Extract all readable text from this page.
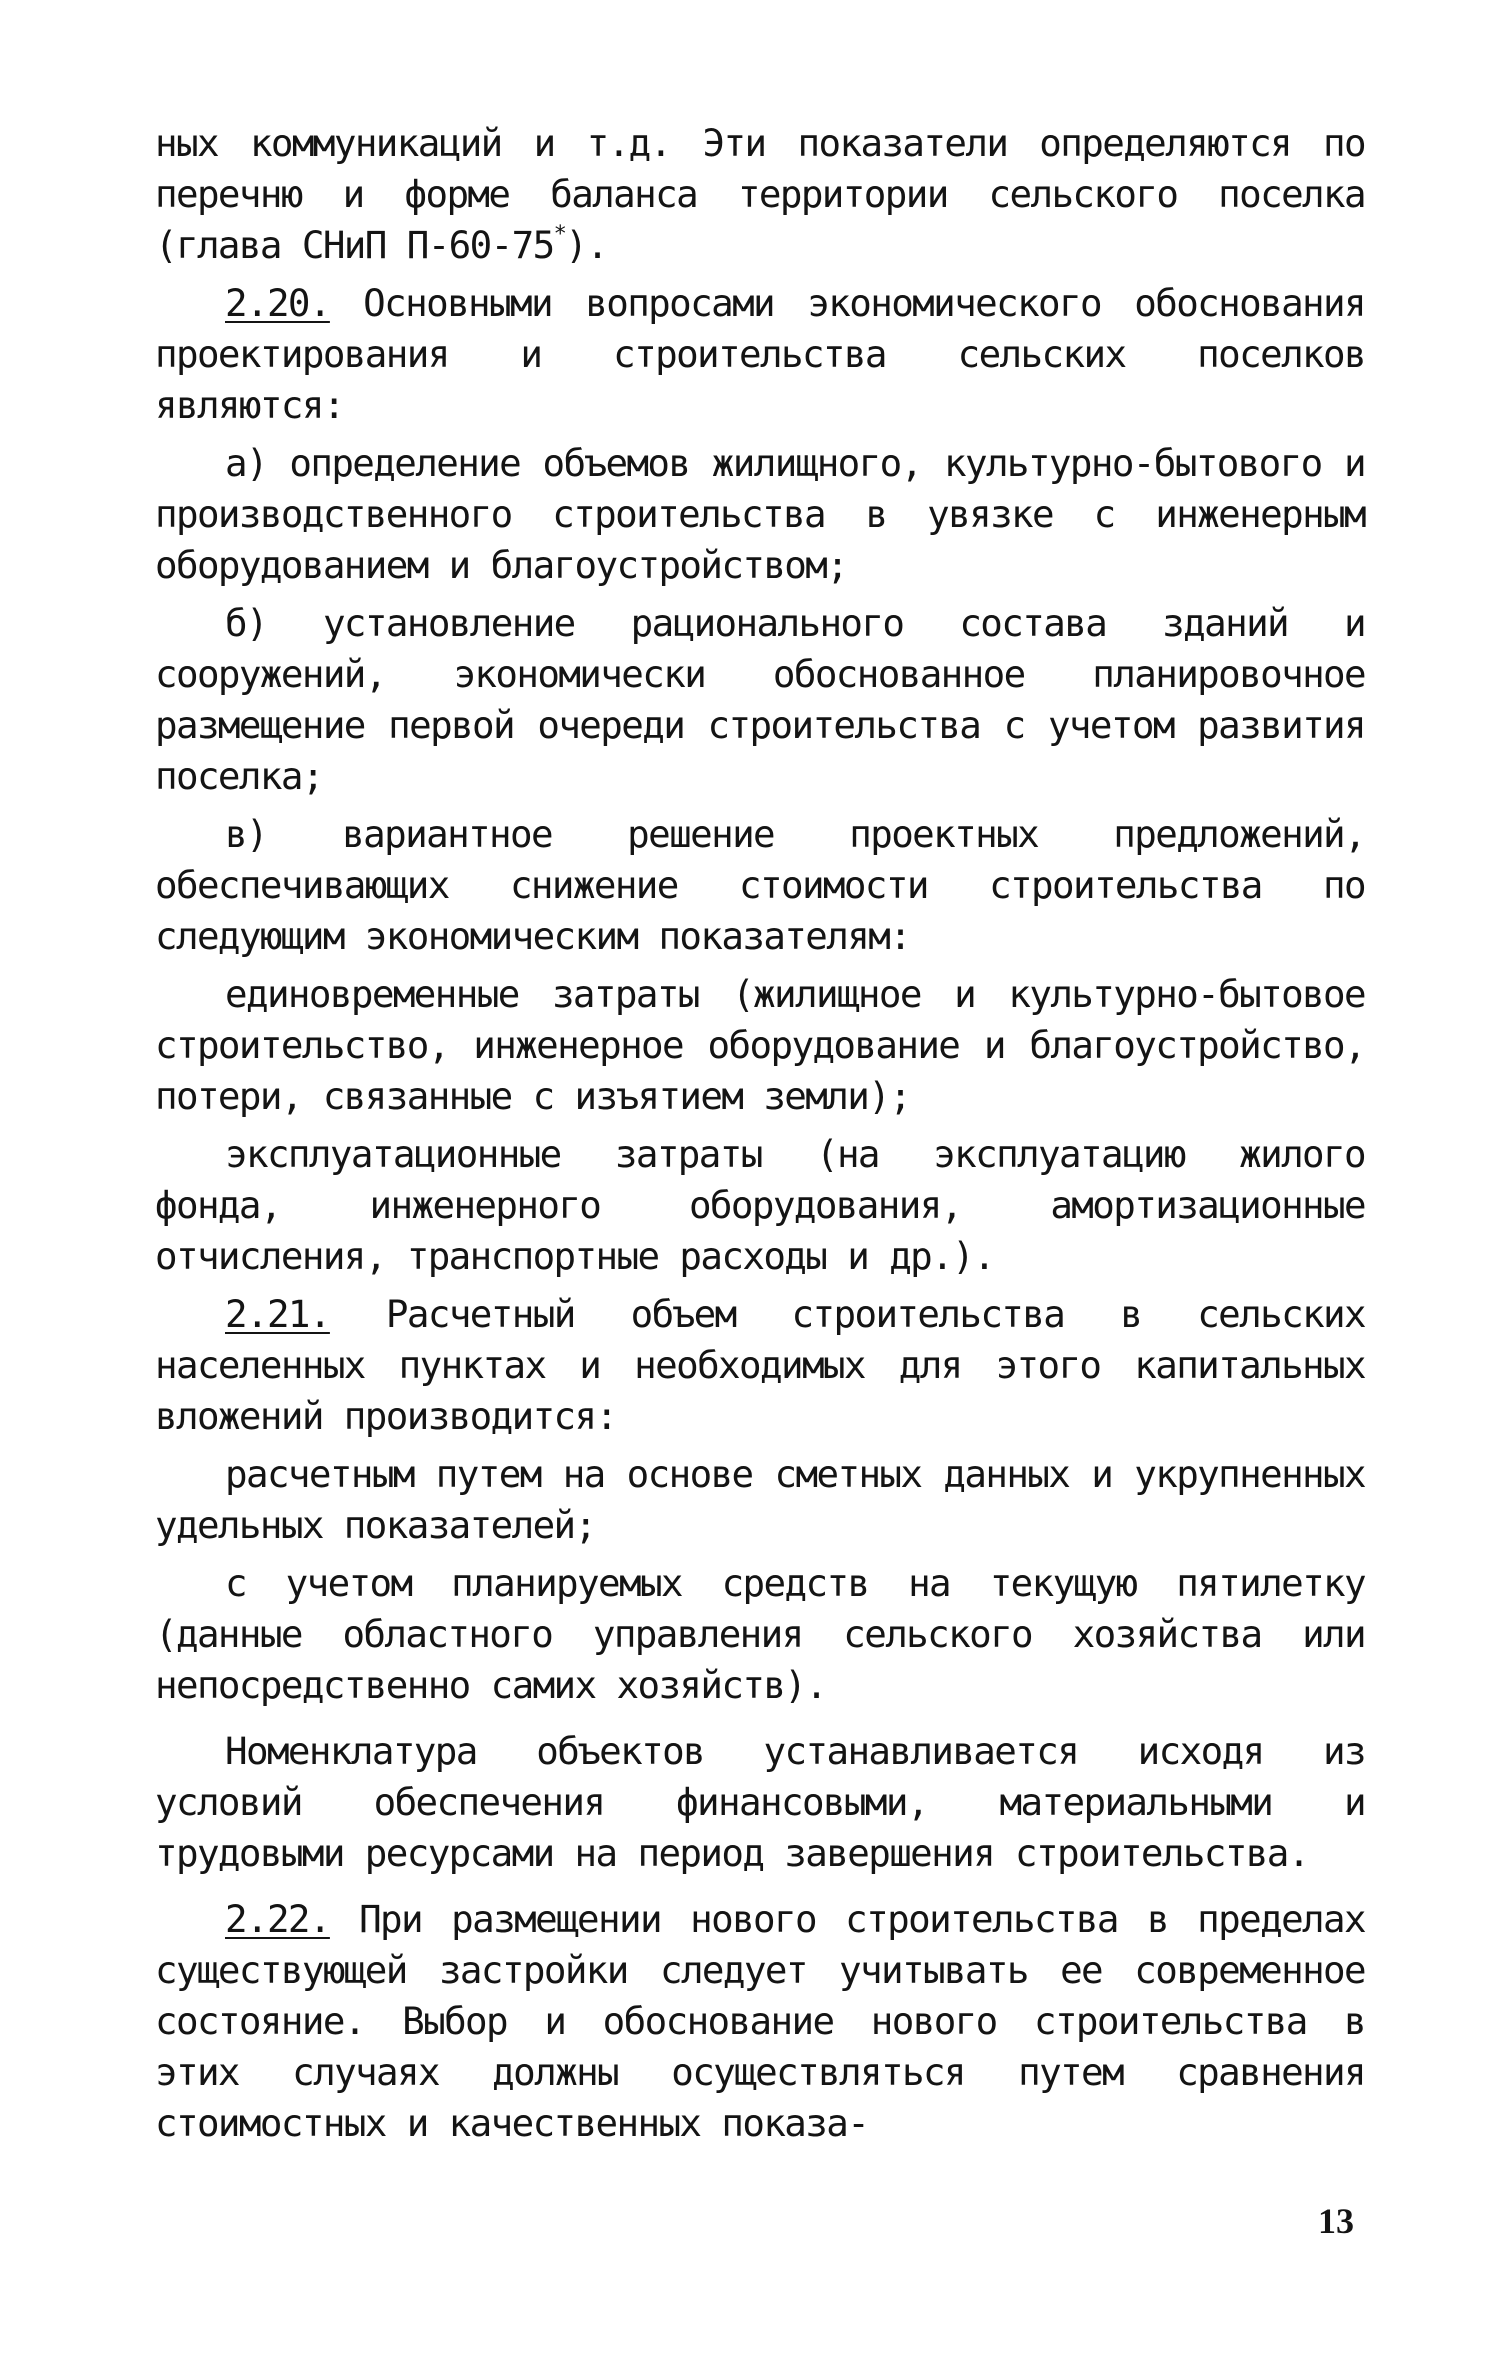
ных коммуникаций и т.д. Эти показатели определяются по перечню и форме баланса территории сельского поселка (глава СНиП П-60-75*).

2.20. Основными вопросами экономического обоснования проектирования и строительства сельских поселков являются:

а) определение объемов жилищного, культурно-бытового и производственного строительства в увязке с инженерным оборудованием и благоустройством;

б) установление рационального состава зданий и сооружений, экономически обоснованное планировочное размещение первой очереди строительства с учетом развития поселка;

в) вариантное решение проектных предложений, обеспечивающих снижение стоимости строительства по следующим экономическим показателям:

единовременные затраты (жилищное и культурно-бытовое строительство, инженерное оборудование и благоустройство, потери, связанные с изъятием земли);

эксплуатационные затраты (на эксплуатацию жилого фонда, инженерного оборудования, амортизационные отчисления, транспортные расходы и др.).

2.21. Расчетный объем строительства в сельских населенных пунктах и необходимых для этого капитальных вложений производится:

расчетным путем на основе сметных данных и укрупненных удельных показателей;

с учетом планируемых средств на текущую пятилетку (данные областного управления сельского хозяйства или непосредственно самих хозяйств).

Номенклатура объектов устанавливается исходя из условий обеспечения финансовыми, материальными и трудовыми ресурсами на период завершения строительства.

2.22. При размещении нового строительства в пределах существующей застройки следует учитывать ее современное состояние. Выбор и обоснование нового строительства в этих случаях должны осуществляться путем сравнения стоимостных и качественных показа-

13
